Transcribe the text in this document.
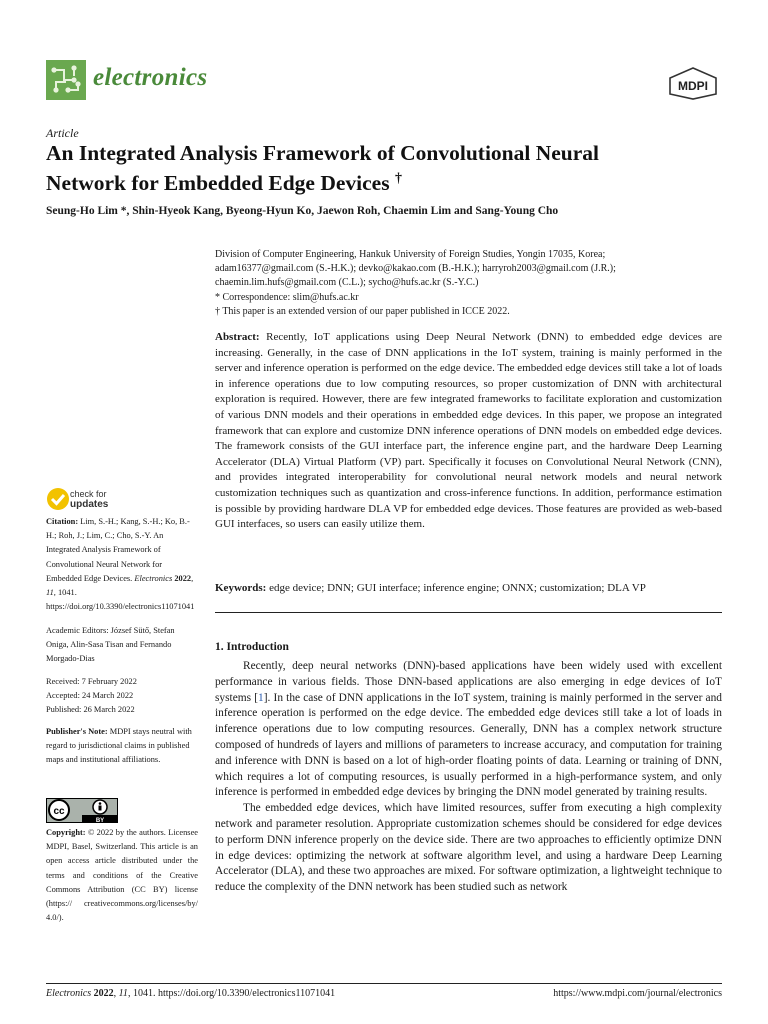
electronics	MDPI
Article
An Integrated Analysis Framework of Convolutional Neural
Network for Embedded Edge Devices †
Seung-Ho Lim *, Shin-Hyeok Kang, Byeong-Hyun Ko, Jaewon Roh, Chaemin Lim and Sang-Young Cho
Division of Computer Engineering, Hankuk University of Foreign Studies, Yongin 17035, Korea;
adam16377@gmail.com (S.-H.K.); devko@kakao.com (B.-H.K.); harryroh2003@gmail.com (J.R.);
chaemin.lim.hufs@gmail.com (C.L.); sycho@hufs.ac.kr (S.-Y.C.)
* Correspondence: slim@hufs.ac.kr
† This paper is an extended version of our paper published in ICCE 2022.
Abstract: Recently, IoT applications using Deep Neural Network (DNN) to embedded edge devices are increasing. Generally, in the case of DNN applications in the IoT system, training is mainly performed in the server and inference operation is performed on the edge device. The embedded edge devices still take a lot of loads in inference operations due to low computing resources, so proper customization of DNN with architectural exploration is required. However, there are few integrated frameworks to facilitate exploration and customization of various DNN models and their operations in embedded edge devices. In this paper, we propose an integrated framework that can explore and customize DNN inference operations of DNN models on embedded edge devices. The framework consists of the GUI interface part, the inference engine part, and the hardware Deep Learning Accelerator (DLA) Virtual Platform (VP) part. Specifically it focuses on Convolutional Neural Network (CNN), and provides integrated interoperability for convolutional neural network models and neural network customization techniques such as quantization and cross-inference functions. In addition, performance estimation is possible by providing hardware DLA VP for embedded edge devices. Those features are provided as web-based GUI interfaces, so users can easily utilize them.
Keywords: edge device; DNN; GUI interface; inference engine; ONNX; customization; DLA VP
1. Introduction

Recently, deep neural networks (DNN)-based applications have been widely used with excellent performance in various fields. Those DNN-based applications are also emerging in edge devices of IoT systems [1]. In the case of DNN applications in the IoT system, training is mainly performed in the server and inference operation is performed on the edge device. The embedded edge devices still take a lot of loads in inference operations due to low computing resources. Generally, DNN has a complex network structure composed of hundreds of layers and millions of parameters to increase accuracy, and computation for training and inference with DNN is based on a lot of high-order floating points of data. Learning or training of DNN, which requires a lot of computing resources, is usually performed in a high-performance system, and only inference is performed in embedded edge devices by bringing the DNN model generated by training results.

The embedded edge devices, which have limited resources, suffer from executing a high complexity network and parameter resolution. Appropriate customization schemes should be considered for edge devices to perform DNN inference properly on the device side. There are two approaches to efficiently optimize DNN in edge devices: optimizing the network at software algorithm level, and using a hardware Deep Learning Accelerator (DLA), and these two approaches are mixed. For software optimization, a lightweight technique to reduce the complexity of the DNN network has been studied such as network

check for
updates
Citation: Lim, S.-H.; Kang, S.-H.; Ko, B.-H.; Roh, J.; Lim, C.; Cho, S.-Y. An Integrated Analysis Framework of Convolutional Neural Network for Embedded Edge Devices. Electronics 2022, 11, 1041. https://doi.org/10.3390/electronics11071041
Academic Editors: József Sütő, Stefan Oniga, Alin-Sasa Tisan and Fernando Morgado-Dias
Received: 7 February 2022
Accepted: 24 March 2022
Published: 26 March 2022
Publisher's Note: MDPI stays neutral with regard to jurisdictional claims in published maps and institutional affiliations.
cc
BY
Copyright: © 2022 by the authors. Licensee MDPI, Basel, Switzerland. This article is an open access article distributed under the terms and conditions of the Creative Commons Attribution (CC BY) license (https:// creativecommons.org/licenses/by/ 4.0/).
Electronics 2022, 11, 1041. https://doi.org/10.3390/electronics11071041	https://www.mdpi.com/journal/electronics
